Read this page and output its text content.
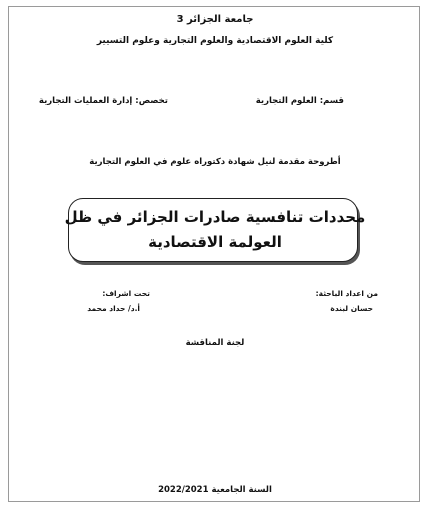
جامعة الجزائر 3
كلية العلوم الاقتصادية والعلوم التجارية وعلوم التسيير
قسم: العلوم التجارية
تخصص: إدارة العمليات التجارية
أطروحة مقدمة لنيل شهادة دكتوراه علوم في العلوم التجارية
محددات تنافسية صادرات الجزائر في ظل
العولمة الاقتصادية
من اعداد الباحثة:
حسان لبندة
تحت اشراف:
أ.د/ حداد محمد
لجنة المناقشة
السنة الجامعية 2022/2021
